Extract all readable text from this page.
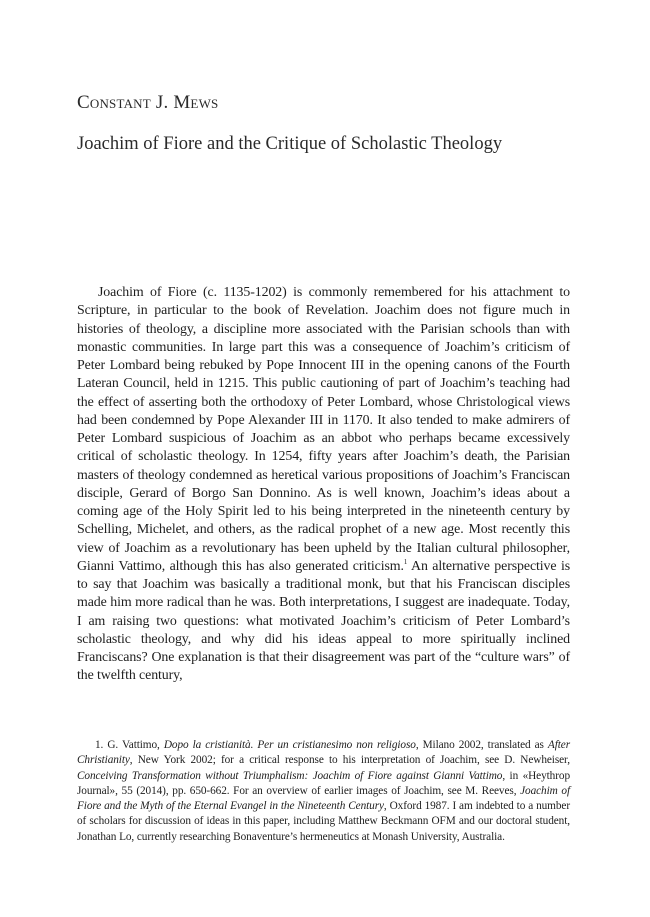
Constant J. Mews
Joachim of Fiore and the Critique of Scholastic Theology

Joachim of Fiore (c. 1135-1202) is commonly remembered for his attachment to Scripture, in particular to the book of Revelation. Joachim does not figure much in histories of theology, a discipline more associated with the Parisian schools than with monastic communities. In large part this was a consequence of Joachim’s criticism of Peter Lombard being rebuked by Pope Innocent III in the opening canons of the Fourth Lateran Council, held in 1215. This public cautioning of part of Joachim’s teaching had the effect of asserting both the orthodoxy of Peter Lombard, whose Christological views had been condemned by Pope Alexander III in 1170. It also tended to make admirers of Peter Lombard suspicious of Joachim as an abbot who perhaps became excessively critical of scholastic theology. In 1254, fifty years after Joachim’s death, the Parisian masters of theology condemned as heretical various propositions of Joachim’s Franciscan disciple, Gerard of Borgo San Donnino. As is well known, Joachim’s ideas about a coming age of the Holy Spirit led to his being interpreted in the nineteenth century by Schelling, Michelet, and others, as the radical prophet of a new age. Most recently this view of Joachim as a revolutionary has been upheld by the Italian cultural philosopher, Gianni Vattimo, although this has also generated criticism.$^1$ An alternative perspective is to say that Joachim was basically a traditional monk, but that his Franciscan disciples made him more radical than he was. Both interpretations, I suggest are inadequate. Today, I am raising two questions: what motivated Joachim’s criticism of Peter Lombard’s scholastic theology, and why did his ideas appeal to more spiritually inclined Franciscans? One explanation is that their disagreement was part of the “culture wars” of the twelfth century,

1. G. Vattimo, Dopo la cristianità. Per un cristianesimo non religioso, Milano 2002, translated as After Christianity, New York 2002; for a critical response to his interpretation of Joachim, see D. Newheiser, Conceiving Transformation without Triumphalism: Joachim of Fiore against Gianni Vattimo, in «Heythrop Journal», 55 (2014), pp. 650-662. For an overview of earlier images of Joachim, see M. Reeves, Joachim of Fiore and the Myth of the Eternal Evangel in the Nineteenth Century, Oxford 1987. I am indebted to a number of scholars for discussion of ideas in this paper, including Matthew Beckmann OFM and our doctoral student, Jonathan Lo, currently researching Bonaventure’s hermeneutics at Monash University, Australia.
